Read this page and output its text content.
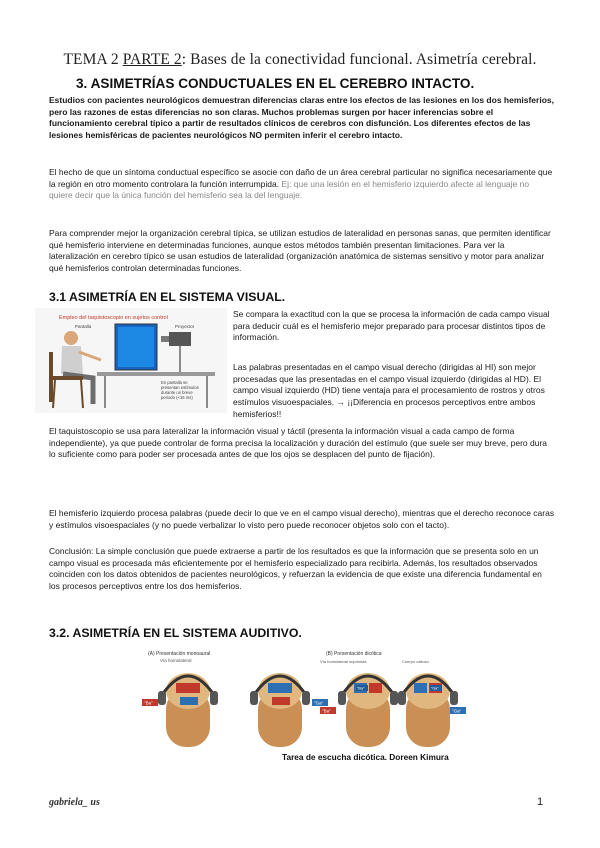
TEMA 2 PARTE 2: Bases de la conectividad funcional. Asimetría cerebral.
3. ASIMETRÍAS CONDUCTUALES EN EL CEREBRO INTACTO.
Estudios con pacientes neurológicos demuestran diferencias claras entre los efectos de las lesiones en los dos hemisferios, pero las razones de estas diferencias no son claras. Muchos problemas surgen por hacer inferencias sobre el funcionamiento cerebral típico a partir de resultados clínicos de cerebros con disfunción. Los diferentes efectos de las lesiones hemisféricas de pacientes neurológicos NO permiten inferir el cerebro intacto.
El hecho de que un síntoma conductual específico se asocie con daño de un área cerebral particular no significa necesariamente que la región en otro momento controlara la función interrumpida. Ej: que una lesión en el hemisferio izquierdo afecte al lenguaje no quiere decir que la única función del hemisferio sea la del lenguaje.
Para comprender mejor la organización cerebral típica, se utilizan estudios de lateralidad en personas sanas, que permiten identificar qué hemisferio interviene en determinadas funciones, aunque estos métodos también presentan limitaciones. Para ver la lateralización en cerebro típico se usan estudios de lateralidad (organización anatómica de sistemas sensitivo y motor para analizar qué hemisferios controlan determinadas funciones.
3.1 ASIMETRÍA EN EL SISTEMA VISUAL.
Empleo del taquistoscopio en sujetos control
Pantalla	Proyector
En pantalla se presentan estímulos durante un breve periodo (<15 ms)
Se compara la exactitud con la que se procesa la información de cada campo visual para deducir cuál es el hemisferio mejor preparado para procesar distintos tipos de información.
Las palabras presentadas en el campo visual derecho (dirigidas al HI) son mejor procesadas que las presentadas en el campo visual izquierdo (dirigidas al HD). El campo visual izquierdo (HD) tiene ventaja para el procesamiento de rostros y otros estímulos visuoespaciales. → ¡¡Diferencia en procesos perceptivos entre ambos hemisferios!!
El taquistoscopio se usa para lateralizar la información visual y táctil (presenta la información visual a cada campo de forma independiente), ya que puede controlar de forma precisa la localización y duración del estímulo (que suele ser muy breve, pero dura lo suficiente como para poder ser procesada antes de que los ojos se desplacen del punto de fijación).
El hemisferio izquierdo procesa palabras (puede decir lo que ve en el campo visual derecho), mientras que el derecho reconoce caras y estímulos visoespaciales (y no puede verbalizar lo visto pero puede reconocer objetos solo con el tacto).
Conclusión: La simple conclusión que puede extraerse a partir de los resultados es que la información que se presenta solo en un campo visual es procesada más eficientemente por el hemisferio especializado para recibirla. Además, los resultados observados coinciden con los datos obtenidos de pacientes neurológicos, y refuerzan la evidencia de que existe una diferencia fundamental en los procesos perceptivos entre los dos hemisferios.
3.2. ASIMETRÍA EN EL SISTEMA AUDITIVO.
(A) Presentación monoaural
Vía homolateral
(B) Presentación dicótica
Vía homolateral suprimida	Cuerpo calloso
"Ba"	"Ga"
"Ba"	"Ga"
"Ba"	"Ga"
Tarea de escucha dicótica. Doreen Kimura
gabriela_ us	1
